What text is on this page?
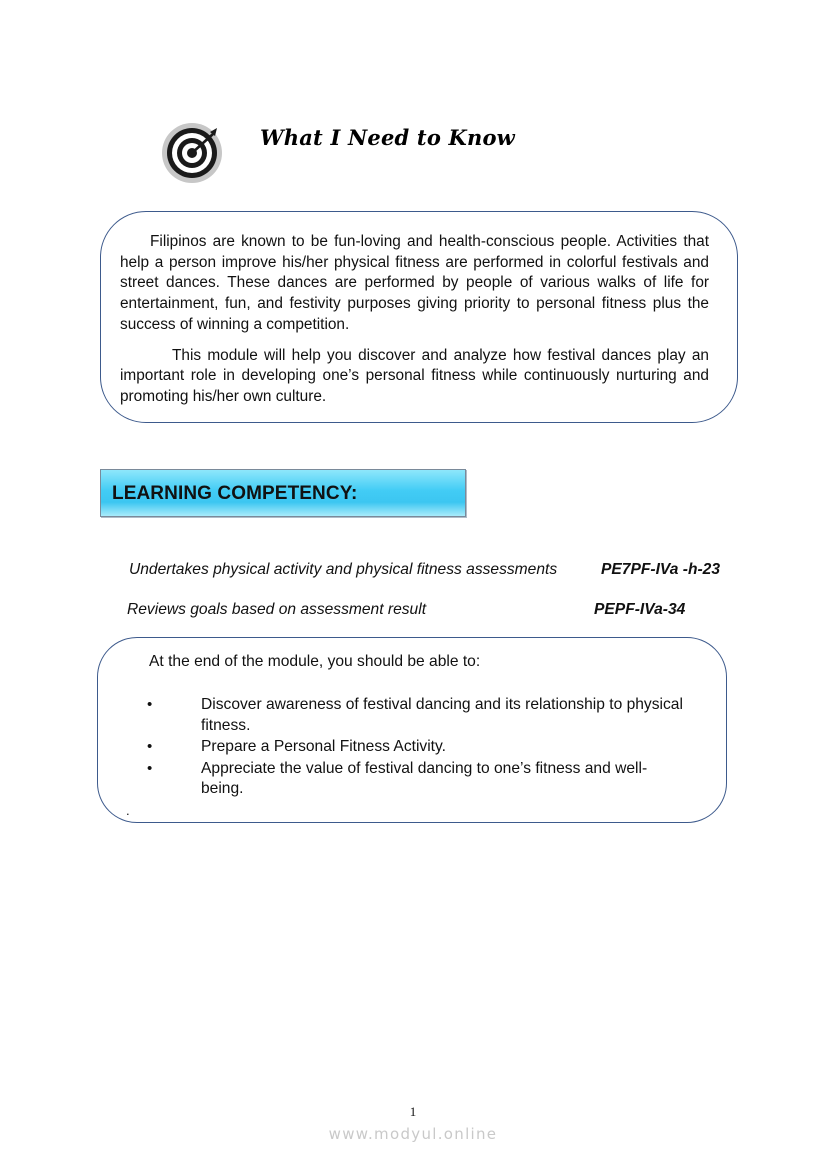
What I Need to Know

Filipinos are known to be fun-loving and health-conscious people. Activities that help a person improve his/her physical fitness are performed in colorful festivals and street dances. These dances are performed by people of various walks of life for entertainment, fun, and festivity purposes giving priority to personal fitness plus the success of winning a competition.

This module will help you discover and analyze how festival dances play an important role in developing one’s personal fitness while continuously nurturing and promoting his/her own culture.

LEARNING COMPETENCY:
Undertakes physical activity and physical fitness assessments	PE7PF-IVa -h-23
Reviews goals based on assessment result	PEPF-IVa-34
At the end of the module, you should be able to:
•	Discover awareness of festival dancing and its relationship to physical fitness.
•	Prepare a Personal Fitness Activity.
•	Appreciate the value of festival dancing to one’s fitness and well-being.
.
1
www.modyul.online
